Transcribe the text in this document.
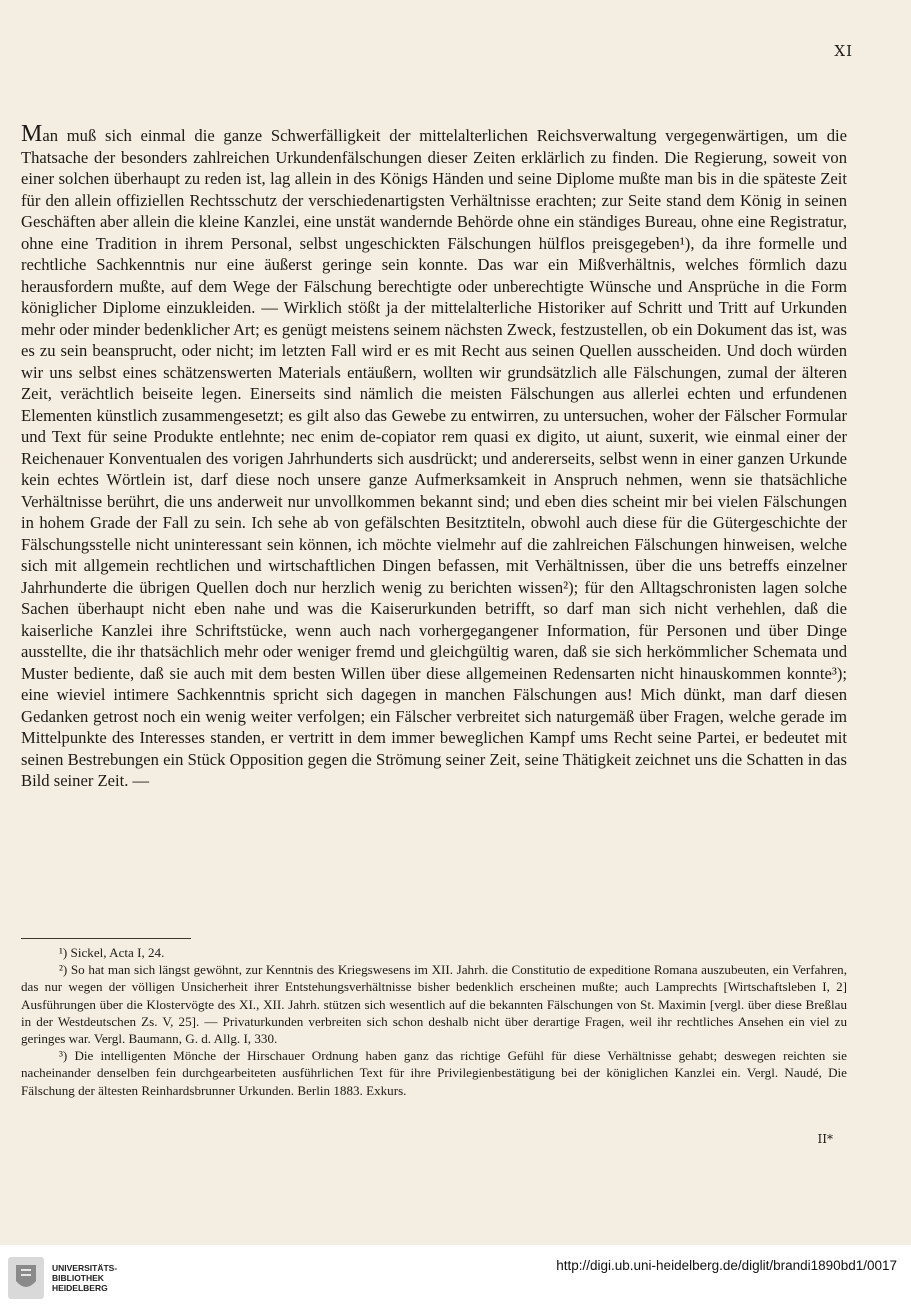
XI
Man muß sich einmal die ganze Schwerfälligkeit der mittelalterlichen Reichsverwaltung vergegenwärtigen, um die Thatsache der besonders zahlreichen Urkundenfälschungen dieser Zeiten erklärlich zu finden. Die Regierung, soweit von einer solchen überhaupt zu reden ist, lag allein in des Königs Händen und seine Diplome mußte man bis in die späteste Zeit für den allein offiziellen Rechtsschutz der verschiedenartigsten Verhältnisse erachten; zur Seite stand dem König in seinen Geschäften aber allein die kleine Kanzlei, eine unstät wandernde Behörde ohne ein ständiges Bureau, ohne eine Registratur, ohne eine Tradition in ihrem Personal, selbst ungeschickten Fälschungen hülflos preisgegeben¹), da ihre formelle und rechtliche Sachkenntnis nur eine äußerst geringe sein konnte. Das war ein Mißverhältnis, welches förmlich dazu herausfordern mußte, auf dem Wege der Fälschung berechtigte oder unberechtigte Wünsche und Ansprüche in die Form königlicher Diplome einzukleiden. — Wirklich stößt ja der mittelalterliche Historiker auf Schritt und Tritt auf Urkunden mehr oder minder bedenklicher Art; es genügt meistens seinem nächsten Zweck, festzustellen, ob ein Dokument das ist, was es zu sein beansprucht, oder nicht; im letzten Fall wird er es mit Recht aus seinen Quellen ausscheiden. Und doch würden wir uns selbst eines schätzenswerten Materials entäußern, wollten wir grundsätzlich alle Fälschungen, zumal der älteren Zeit, verächtlich beiseite legen. Einerseits sind nämlich die meisten Fälschungen aus allerlei echten und erfundenen Elementen künstlich zusammengesetzt; es gilt also das Gewebe zu entwirren, zu untersuchen, woher der Fälscher Formular und Text für seine Produkte entlehnte; nec enim de-copiator rem quasi ex digito, ut aiunt, suxerit, wie einmal einer der Reichenauer Konventualen des vorigen Jahrhunderts sich ausdrückt; und andererseits, selbst wenn in einer ganzen Urkunde kein echtes Wörtlein ist, darf diese noch unsere ganze Aufmerksamkeit in Anspruch nehmen, wenn sie thatsächliche Verhältnisse berührt, die uns anderweit nur unvollkommen bekannt sind; und eben dies scheint mir bei vielen Fälschungen in hohem Grade der Fall zu sein. Ich sehe ab von gefälschten Besitztiteln, obwohl auch diese für die Gütergeschichte der Fälschungsstelle nicht uninteressant sein können, ich möchte vielmehr auf die zahlreichen Fälschungen hinweisen, welche sich mit allgemein rechtlichen und wirtschaftlichen Dingen befassen, mit Verhältnissen, über die uns betreffs einzelner Jahrhunderte die übrigen Quellen doch nur herzlich wenig zu berichten wissen²); für den Alltagschronisten lagen solche Sachen überhaupt nicht eben nahe und was die Kaiserurkunden betrifft, so darf man sich nicht verhehlen, daß die kaiserliche Kanzlei ihre Schriftstücke, wenn auch nach vorhergegangener Information, für Personen und über Dinge ausstellte, die ihr thatsächlich mehr oder weniger fremd und gleichgültig waren, daß sie sich herkömmlicher Schemata und Muster bediente, daß sie auch mit dem besten Willen über diese allgemeinen Redensarten nicht hinauskommen konnte³); eine wieviel intimere Sachkenntnis spricht sich dagegen in manchen Fälschungen aus! Mich dünkt, man darf diesen Gedanken getrost noch ein wenig weiter verfolgen; ein Fälscher verbreitet sich naturgemäß über Fragen, welche gerade im Mittelpunkte des Interesses standen, er vertritt in dem immer beweglichen Kampf ums Recht seine Partei, er bedeutet mit seinen Bestrebungen ein Stück Opposition gegen die Strömung seiner Zeit, seine Thätigkeit zeichnet uns die Schatten in das Bild seiner Zeit. —

¹) Sickel, Acta I, 24.

²) So hat man sich längst gewöhnt, zur Kenntnis des Kriegswesens im XII. Jahrh. die Constitutio de expeditione Romana auszubeuten, ein Verfahren, das nur wegen der völligen Unsicherheit ihrer Entstehungsverhältnisse bisher bedenklich erscheinen mußte; auch Lamprechts [Wirtschaftsleben I, 2] Ausführungen über die Klostervögte des XI., XII. Jahrh. stützen sich wesentlich auf die bekannten Fälschungen von St. Maximin [vergl. über diese Breßlau in der Westdeutschen Zs. V, 25]. — Privaturkunden verbreiten sich schon deshalb nicht über derartige Fragen, weil ihr rechtliches Ansehen ein viel zu geringes war. Vergl. Baumann, G. d. Allg. I, 330.

³) Die intelligenten Mönche der Hirschauer Ordnung haben ganz das richtige Gefühl für diese Verhältnisse gehabt; deswegen reichten sie nacheinander denselben fein durchgearbeiteten ausführlichen Text für ihre Privilegienbestätigung bei der königlichen Kanzlei ein. Vergl. Naudé, Die Fälschung der ältesten Reinhardsbrunner Urkunden. Berlin 1883. Exkurs.

II*
UNIVERSITÄTS-
BIBLIOTHEK
HEIDELBERG
http://digi.ub.uni-heidelberg.de/diglit/brandi1890bd1/0017
